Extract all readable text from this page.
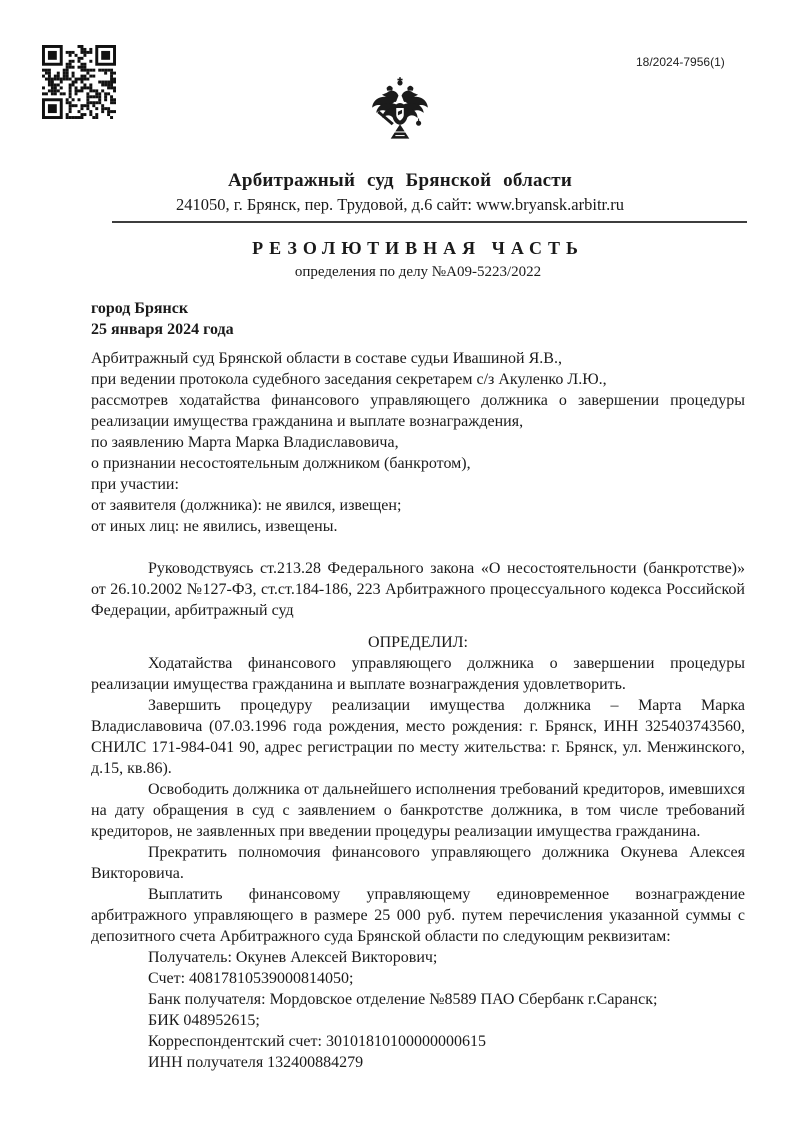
18/2024-7956(1)
Арбитражный суд Брянской области
241050, г. Брянск, пер. Трудовой, д.6 сайт: www.bryansk.arbitr.ru
РЕЗОЛЮТИВНАЯ ЧАСТЬ
определения по делу №А09-5223/2022
город Брянск
25 января 2024 года
Арбитражный суд Брянской области в составе судьи Ивашиной Я.В.,
при ведении протокола судебного заседания секретарем с/з Акуленко Л.Ю.,
рассмотрев ходатайства финансового управляющего должника о завершении процедуры реализации имущества гражданина и выплате вознаграждения,
по заявлению Марта Марка Владиславовича,
о признании несостоятельным должником (банкротом),
при участии:
от заявителя (должника): не явился, извещен;
от иных лиц: не явились, извещены.

Руководствуясь ст.213.28 Федерального закона «О несостоятельности (банкротстве)» от 26.10.2002 №127-ФЗ, ст.ст.184-186, 223 Арбитражного процессуального кодекса Российской Федерации, арбитражный суд

ОПРЕДЕЛИЛ:

Ходатайства финансового управляющего должника о завершении процедуры реализации имущества гражданина и выплате вознаграждения удовлетворить.

Завершить процедуру реализации имущества должника – Марта Марка Владиславовича (07.03.1996 года рождения, место рождения: г. Брянск, ИНН 325403743560, СНИЛС 171-984-041 90, адрес регистрации по месту жительства: г. Брянск, ул. Менжинского, д.15, кв.86).

Освободить должника от дальнейшего исполнения требований кредиторов, имевшихся на дату обращения в суд с заявлением о банкротстве должника, в том числе требований кредиторов, не заявленных при введении процедуры реализации имущества гражданина.

Прекратить полномочия финансового управляющего должника Окунева Алексея Викторовича.

Выплатить финансовому управляющему единовременное вознаграждение арбитражного управляющего в размере 25 000 руб. путем перечисления указанной суммы с депозитного счета Арбитражного суда Брянской области по следующим реквизитам:

Получатель: Окунев Алексей Викторович;
Счет: 40817810539000814050;
Банк получателя: Мордовское отделение №8589 ПАО Сбербанк г.Саранск;
БИК 048952615;
Корреспондентский счет: 30101810100000000615
ИНН получателя 132400884279
